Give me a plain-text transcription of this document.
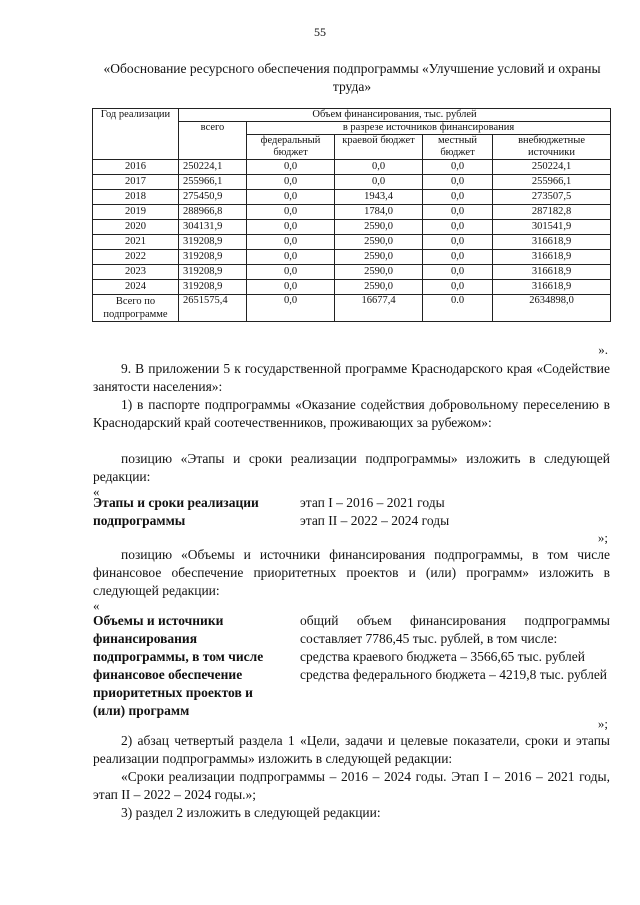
55
«Обоснование ресурсного обеспечения подпрограммы «Улучшение условий и охраны труда»
Год реализации	Объем финансирования, тыс. рублей				
	всего	в разрезе источников финансирования			
		федеральный бюджет	краевой бюджет	местный бюджет	внебюджетные источники
2016	250224,1	0,0	0,0	0,0	250224,1
2017	255966,1	0,0	0,0	0,0	255966,1
2018	275450,9	0,0	1943,4	0,0	273507,5
2019	288966,8	0,0	1784,0	0,0	287182,8
2020	304131,9	0,0	2590,0	0,0	301541,9
2021	319208,9	0,0	2590,0	0,0	316618,9
2022	319208,9	0,0	2590,0	0,0	316618,9
2023	319208,9	0,0	2590,0	0,0	316618,9
2024	319208,9	0,0	2590,0	0,0	316618,9
Всего по подпрограмме	2651575,4	0,0	16677,4	0.0	2634898,0
».
9. В приложении 5 к государственной программе Краснодарского края «Содействие занятости населения»:
1) в паспорте подпрограммы «Оказание содействия добровольному переселению в Краснодарский край соотечественников, проживающих за рубежом»:
позицию «Этапы и сроки реализации подпрограммы» изложить в следующей редакции:
«
Этапы и сроки реализации подпрограммы
этап I – 2016 – 2021 годы
этап II – 2022 – 2024 годы
»;
позицию «Объемы и источники финансирования подпрограммы, в том числе финансовое обеспечение приоритетных проектов и (или) программ» изложить в следующей редакции:
«
Объемы и источники финансирования подпрограммы, в том числе финансовое обеспечение приоритетных проектов и (или) программ
общий объем финансирования подпрограммы составляет 7786,45 тыс. рублей, в том числе:
средства краевого бюджета – 3566,65 тыс. рублей
средства федерального бюджета – 4219,8 тыс. рублей
»;
2) абзац четвертый раздела 1 «Цели, задачи и целевые показатели, сроки и этапы реализации подпрограммы» изложить в следующей редакции:
«Сроки реализации подпрограммы – 2016 – 2024 годы. Этап I – 2016 – 2021 годы, этап II – 2022 – 2024 годы.»;
3) раздел 2 изложить в следующей редакции:
